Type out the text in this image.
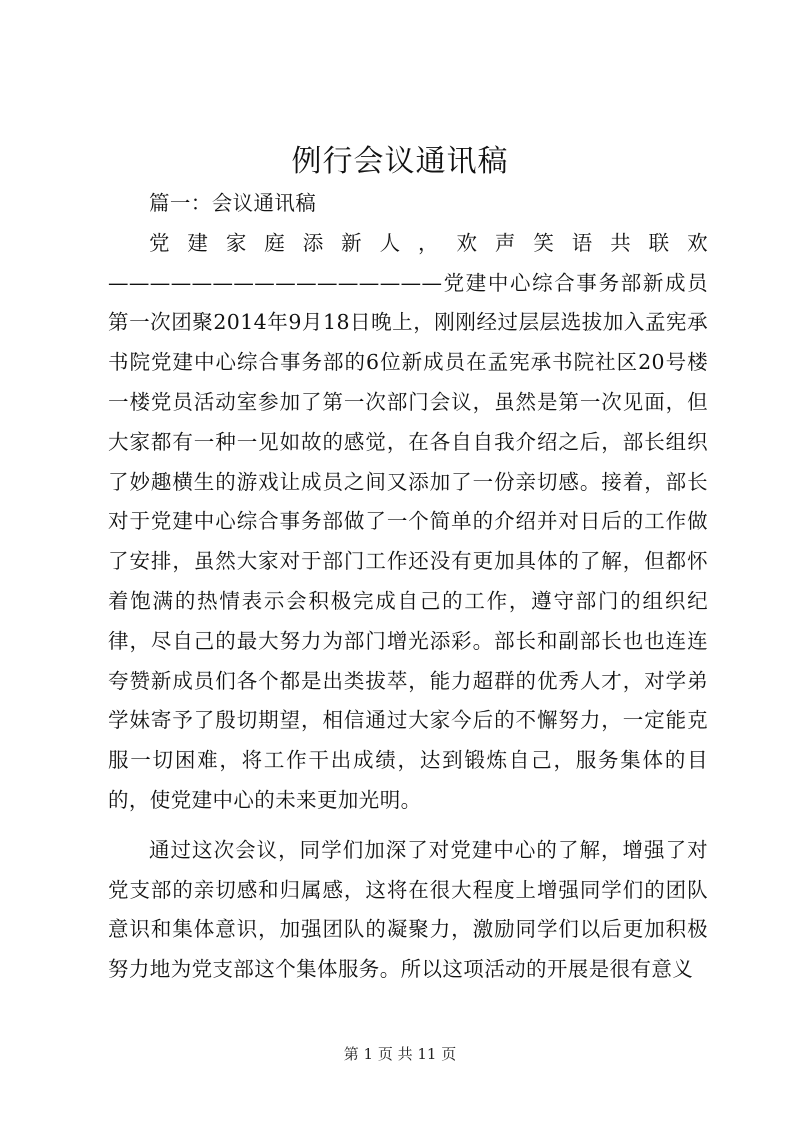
例行会议通讯稿

篇一：会议通讯稿

党建家庭添新人，欢声笑语共联欢————————————————党建中心综合事务部新成员第一次团聚2014年9月18日晚上，刚刚经过层层选拔加入孟宪承书院党建中心综合事务部的6位新成员在孟宪承书院社区20号楼一楼党员活动室参加了第一次部门会议，虽然是第一次见面，但大家都有一种一见如故的感觉，在各自自我介绍之后，部长组织了妙趣横生的游戏让成员之间又添加了一份亲切感。接着，部长对于党建中心综合事务部做了一个简单的介绍并对日后的工作做了安排，虽然大家对于部门工作还没有更加具体的了解，但都怀着饱满的热情表示会积极完成自己的工作，遵守部门的组织纪律，尽自己的最大努力为部门增光添彩。部长和副部长也也连连夸赞新成员们各个都是出类拔萃，能力超群的优秀人才，对学弟学妹寄予了殷切期望，相信通过大家今后的不懈努力，一定能克服一切困难，将工作干出成绩，达到锻炼自己，服务集体的目的，使党建中心的未来更加光明。

通过这次会议，同学们加深了对党建中心的了解，增强了对党支部的亲切感和归属感，这将在很大程度上增强同学们的团队意识和集体意识，加强团队的凝聚力，激励同学们以后更加积极努力地为党支部这个集体服务。所以这项活动的开展是很有意义

第 1 页 共 11 页
